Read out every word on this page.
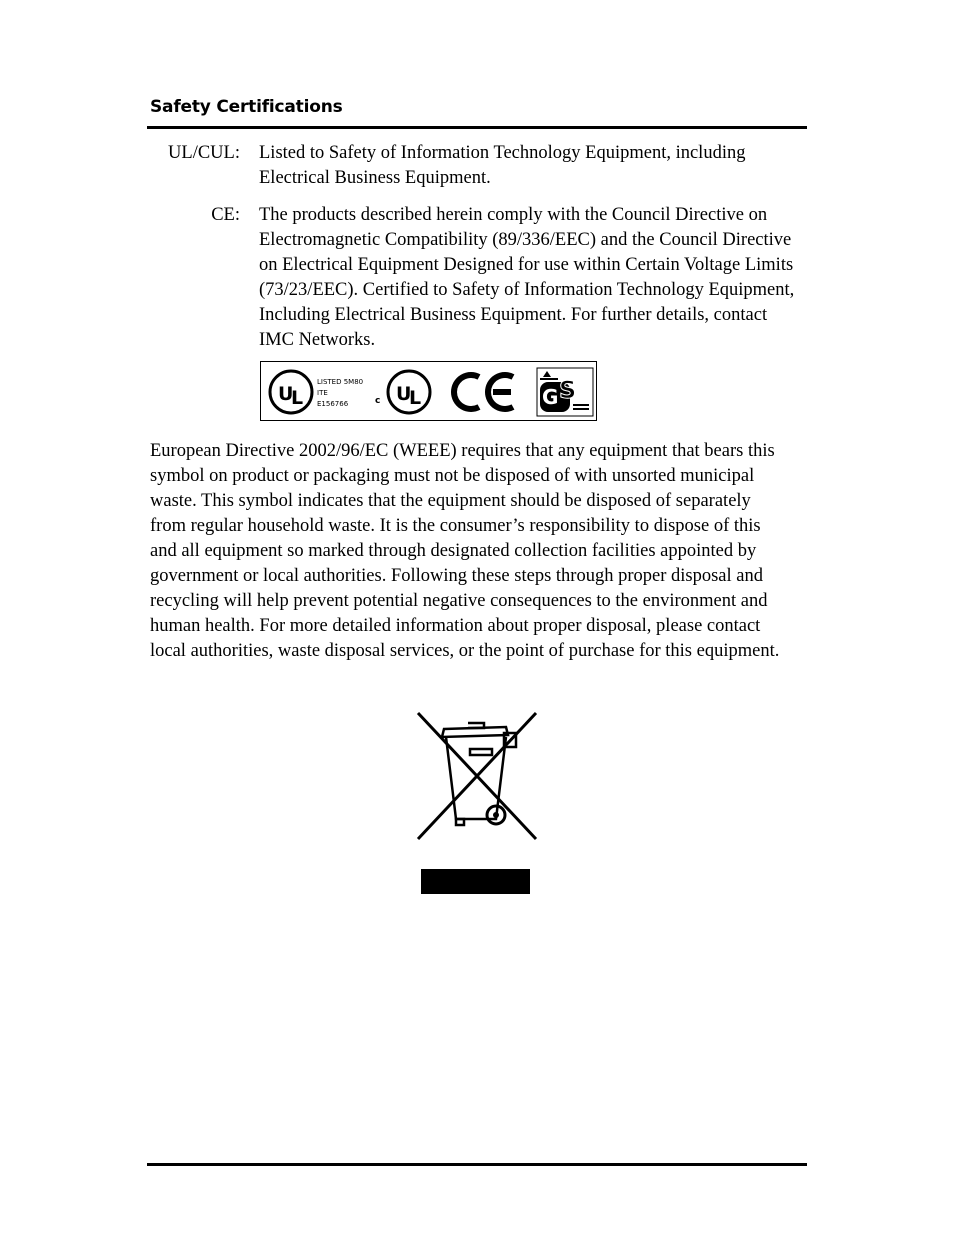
Safety Certifications
UL/CUL: Listed to Safety of Information Technology Equipment, including
Electrical Business Equipment.
CE: The products described herein comply with the Council Directive on
Electromagnetic Compatibility (89/336/EEC) and the Council Directive
on Electrical Equipment Designed for use within Certain Voltage Limits
(73/23/EEC). Certified to Safety of Information Technology Equipment,
Including Electrical Business Equipment. For further details, contact
IMC Networks.
U
L
LISTED 5M80
ITE
E156766	c U
L	G S
European Directive 2002/96/EC (WEEE) requires that any equipment that bears this
symbol on product or packaging must not be disposed of with unsorted municipal
waste. This symbol indicates that the equipment should be disposed of separately
from regular household waste. It is the consumer’s responsibility to dispose of this
and all equipment so marked through designated collection facilities appointed by
government or local authorities. Following these steps through proper disposal and
recycling will help prevent potential negative consequences to the environment and
human health. For more detailed information about proper disposal, please contact
local authorities, waste disposal services, or the point of purchase for this equipment.
